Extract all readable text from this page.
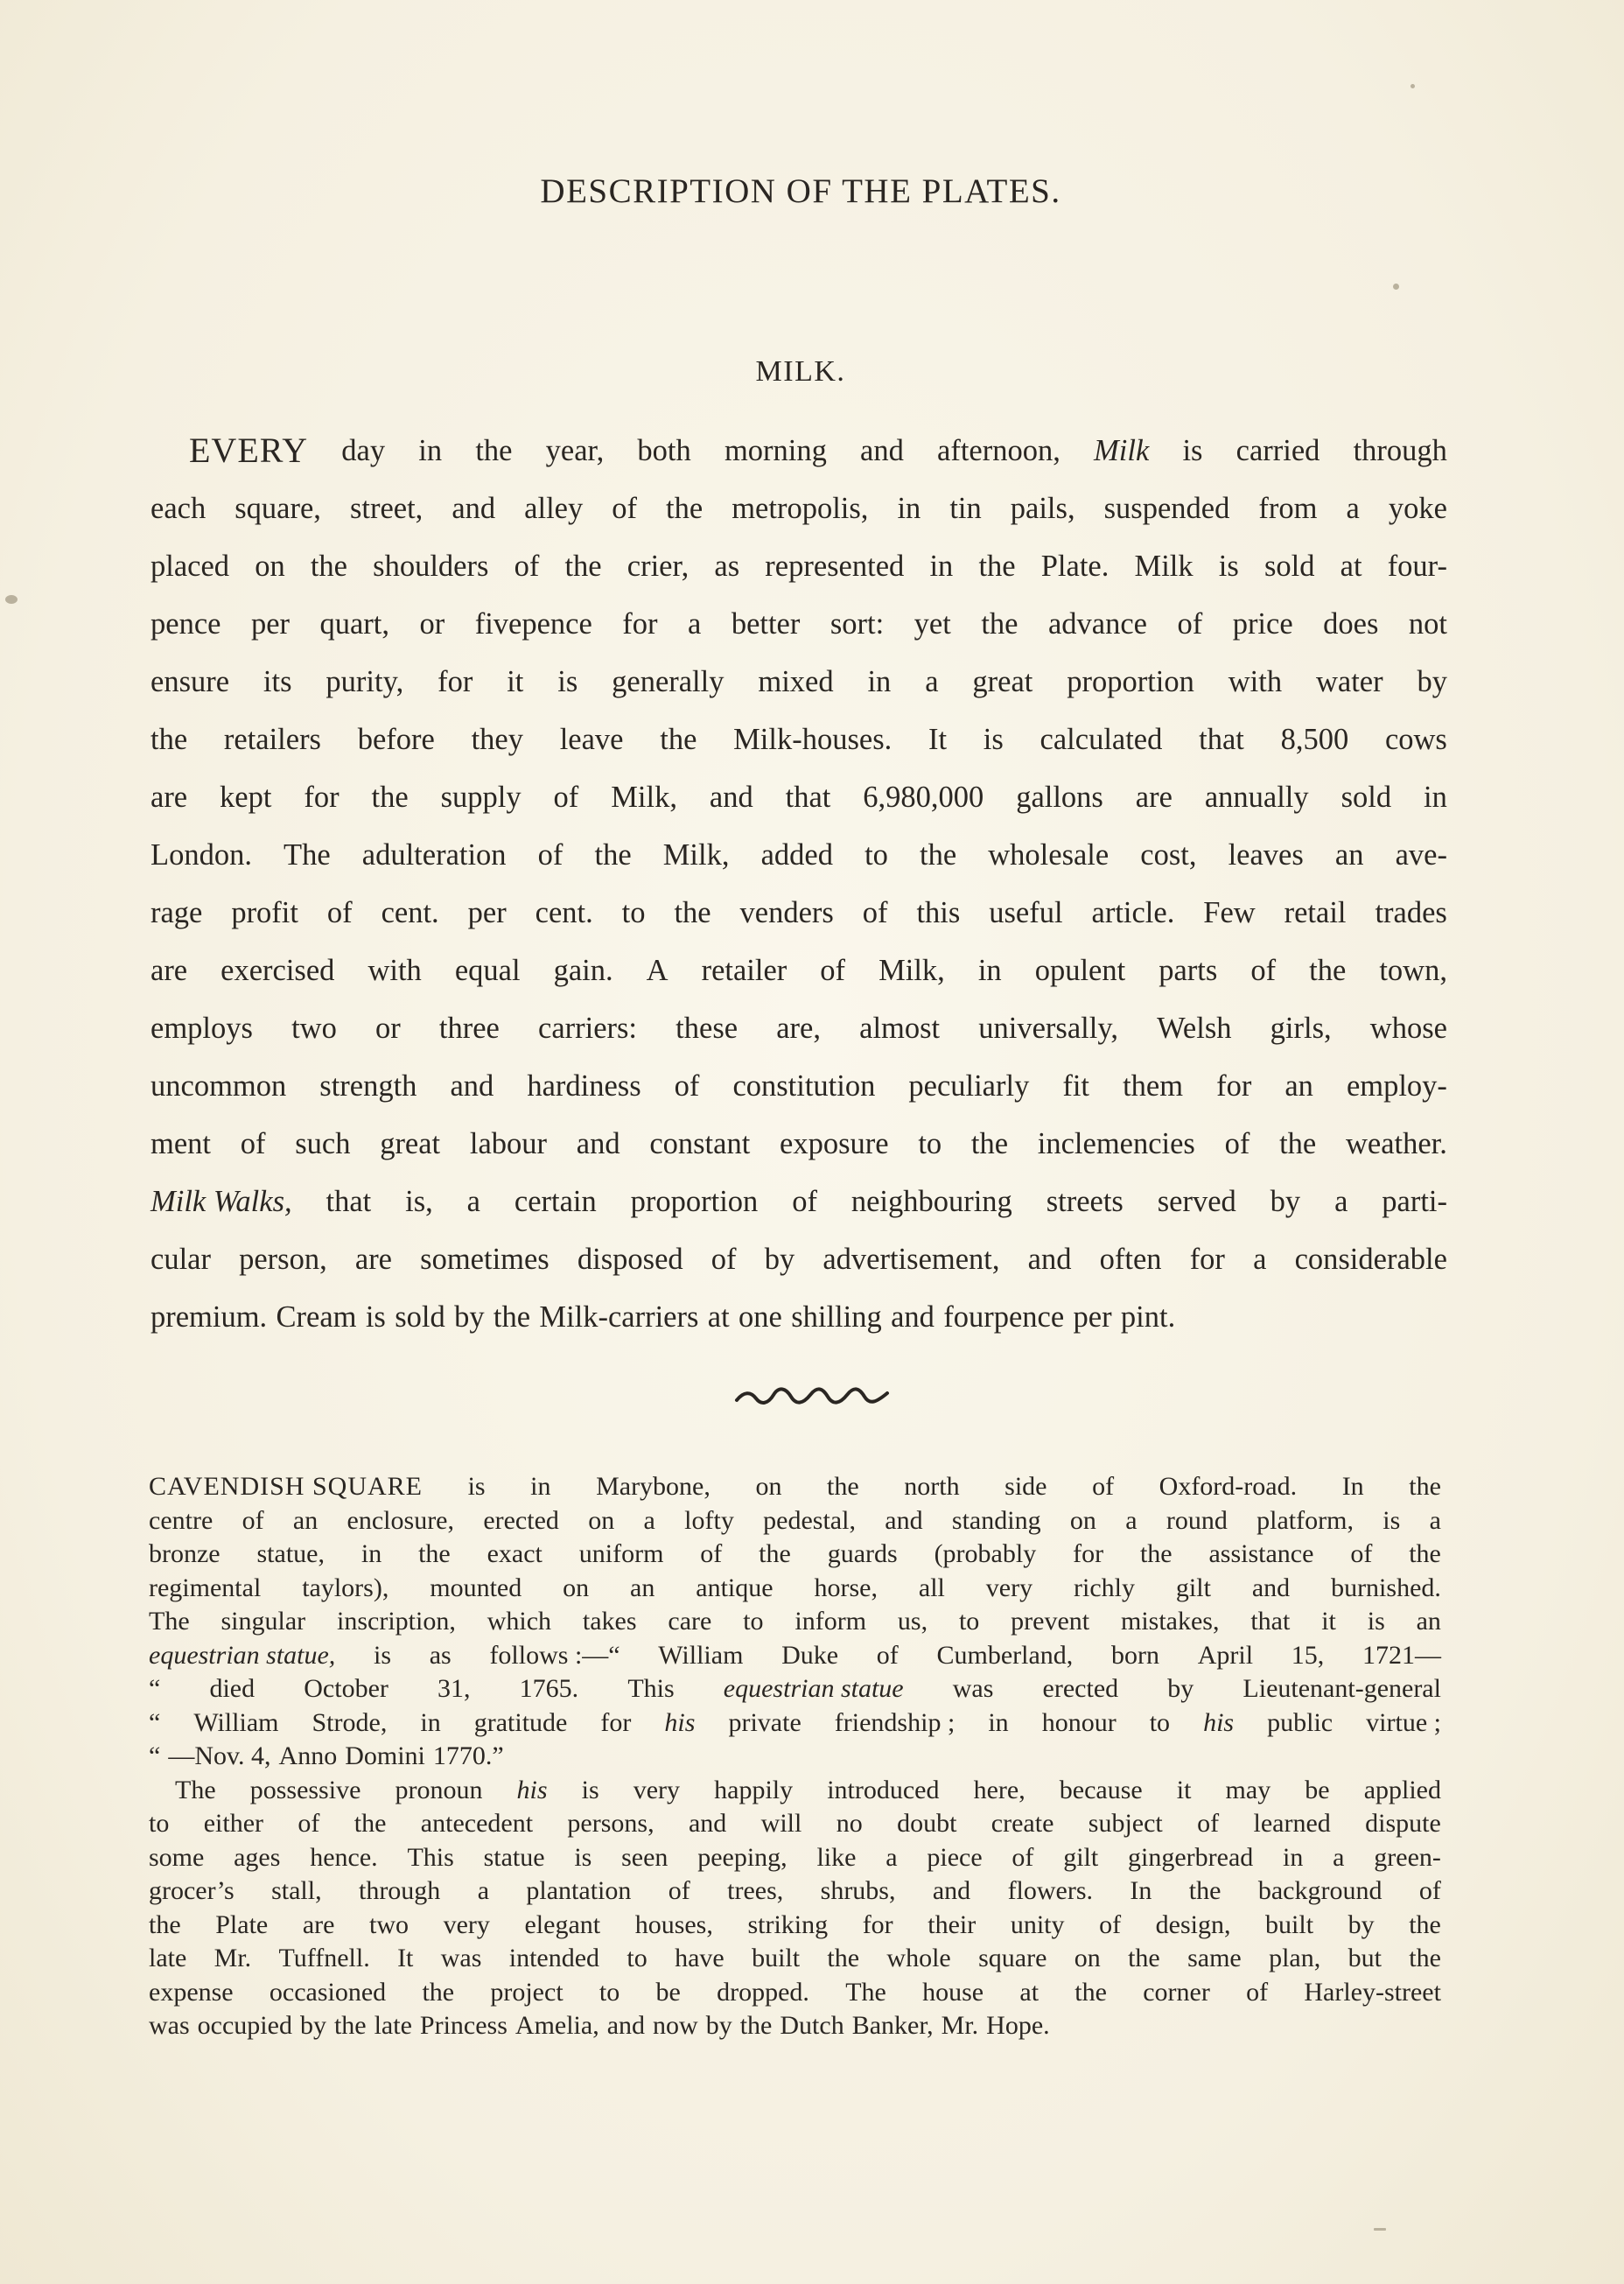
DESCRIPTION OF THE PLATES.
MILK.
EVERY day in the year, both morning and afternoon, Milk is carried through
each square, street, and alley of the metropolis, in tin pails, suspended from a yoke
placed on the shoulders of the crier, as represented in the Plate. Milk is sold at four-
pence per quart, or fivepence for a better sort: yet the advance of price does not
ensure its purity, for it is generally mixed in a great proportion with water by
the retailers before they leave the Milk-houses. It is calculated that 8,500 cows
are kept for the supply of Milk, and that 6,980,000 gallons are annually sold in
London. The adulteration of the Milk, added to the wholesale cost, leaves an ave-
rage profit of cent. per cent. to the venders of this useful article. Few retail trades
are exercised with equal gain. A retailer of Milk, in opulent parts of the town,
employs two or three carriers: these are, almost universally, Welsh girls, whose
uncommon strength and hardiness of constitution peculiarly fit them for an employ-
ment of such great labour and constant exposure to the inclemencies of the weather.
Milk Walks, that is, a certain proportion of neighbouring streets served by a parti-
cular person, are sometimes disposed of by advertisement, and often for a considerable
premium. Cream is sold by the Milk-carriers at one shilling and fourpence per pint.
CAVENDISH SQUARE is in Marybone, on the north side of Oxford-road. In the
centre of an enclosure, erected on a lofty pedestal, and standing on a round platform, is a
bronze statue, in the exact uniform of the guards (probably for the assistance of the
regimental taylors), mounted on an antique horse, all very richly gilt and burnished.
The singular inscription, which takes care to inform us, to prevent mistakes, that it is an
equestrian statue, is as follows :—“ William Duke of Cumberland, born April 15, 1721—
“ died October 31, 1765. This equestrian statue was erected by Lieutenant-general
“ William Strode, in gratitude for his private friendship ; in honour to his public virtue ;
“ —Nov. 4, Anno Domini 1770.”
The possessive pronoun his is very happily introduced here, because it may be applied
to either of the antecedent persons, and will no doubt create subject of learned dispute
some ages hence. This statue is seen peeping, like a piece of gilt gingerbread in a green-
grocer’s stall, through a plantation of trees, shrubs, and flowers. In the background of
the Plate are two very elegant houses, striking for their unity of design, built by the
late Mr. Tuffnell. It was intended to have built the whole square on the same plan, but the
expense occasioned the project to be dropped. The house at the corner of Harley-street
was occupied by the late Princess Amelia, and now by the Dutch Banker, Mr. Hope.
